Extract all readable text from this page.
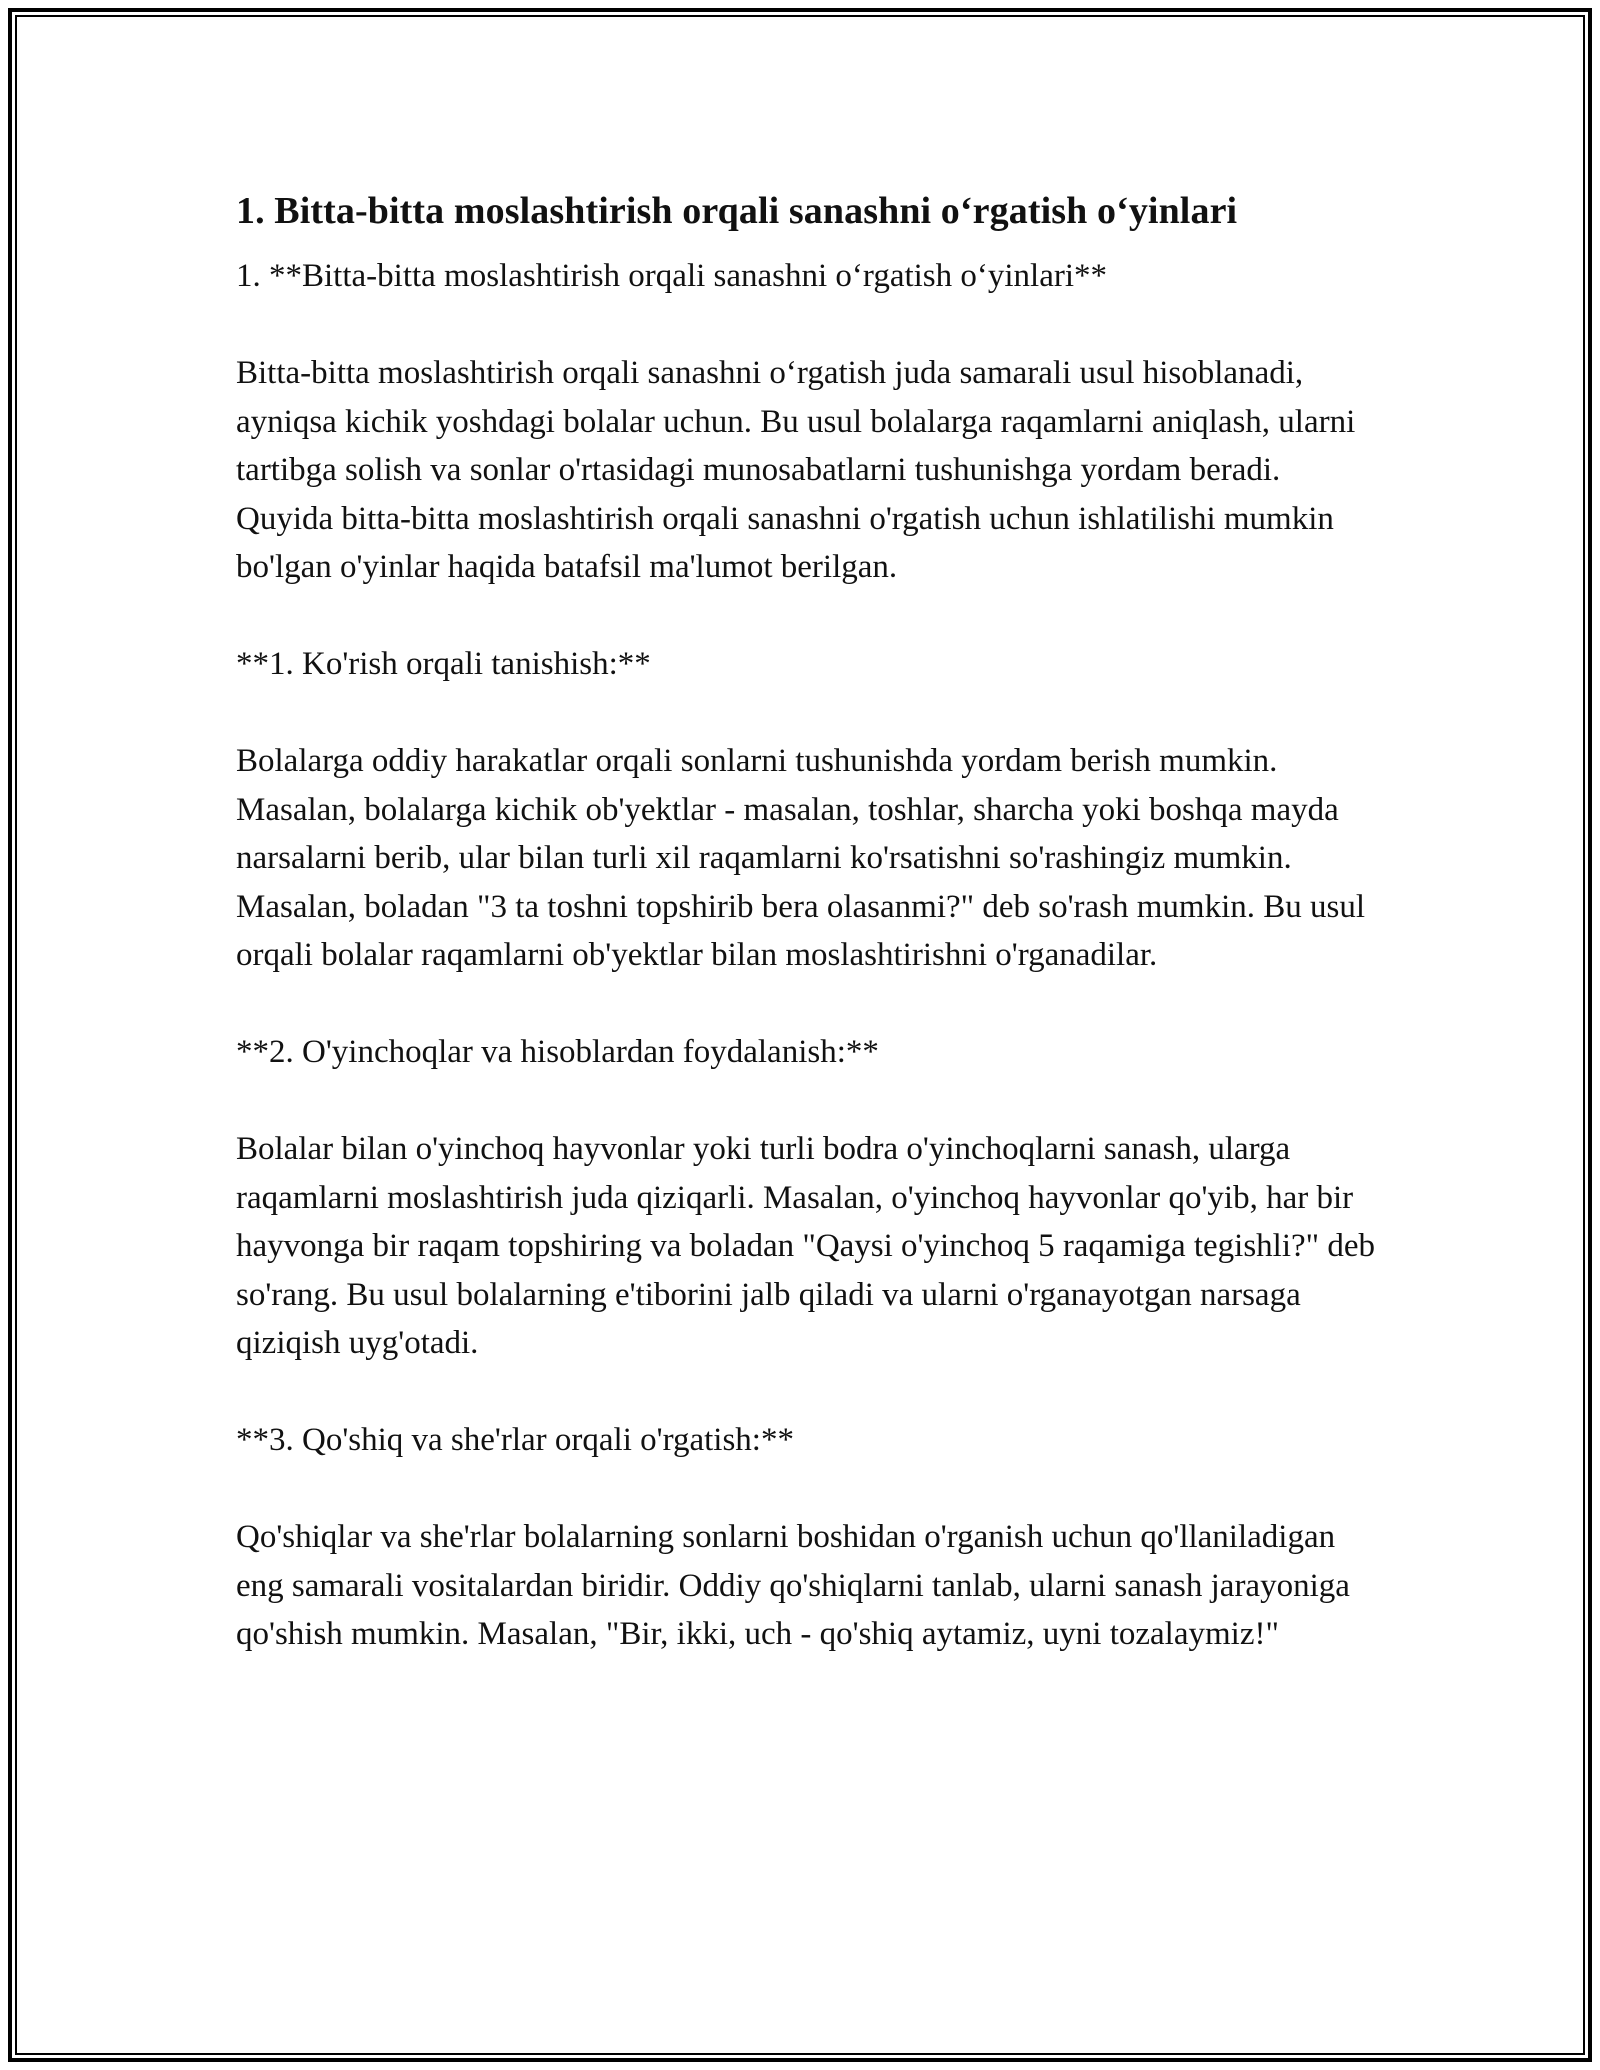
1. Bitta-bitta moslashtirish orqali sanashni o‘rgatish o‘yinlari

1. **Bitta-bitta moslashtirish orqali sanashni o‘rgatish o‘yinlari**

Bitta-bitta moslashtirish orqali sanashni o‘rgatish juda samarali usul hisoblanadi, ayniqsa kichik yoshdagi bolalar uchun. Bu usul bolalarga raqamlarni aniqlash, ularni tartibga solish va sonlar o'rtasidagi munosabatlarni tushunishga yordam beradi. Quyida bitta-bitta moslashtirish orqali sanashni o'rgatish uchun ishlatilishi mumkin bo'lgan o'yinlar haqida batafsil ma'lumot berilgan.

**1. Ko'rish orqali tanishish:**

Bolalarga oddiy harakatlar orqali sonlarni tushunishda yordam berish mumkin. Masalan, bolalarga kichik ob'yektlar - masalan, toshlar, sharcha yoki boshqa mayda narsalarni berib, ular bilan turli xil raqamlarni ko'rsatishni so'rashingiz mumkin. Masalan, boladan "3 ta toshni topshirib bera olasanmi?" deb so'rash mumkin. Bu usul orqali bolalar raqamlarni ob'yektlar bilan moslashtirishni o'rganadilar.

**2. O'yinchoqlar va hisoblardan foydalanish:**

Bolalar bilan o'yinchoq hayvonlar yoki turli bodra o'yinchoqlarni sanash, ularga raqamlarni moslashtirish juda qiziqarli. Masalan, o'yinchoq hayvonlar qo'yib, har bir hayvonga bir raqam topshiring va boladan "Qaysi o'yinchoq 5 raqamiga tegishli?" deb so'rang. Bu usul bolalarning e'tiborini jalb qiladi va ularni o'rganayotgan narsaga qiziqish uyg'otadi.

**3. Qo'shiq va she'rlar orqali o'rgatish:**

Qo'shiqlar va she'rlar bolalarning sonlarni boshidan o'rganish uchun qo'llaniladigan eng samarali vositalardan biridir. Oddiy qo'shiqlarni tanlab, ularni sanash jarayoniga qo'shish mumkin. Masalan, "Bir, ikki, uch - qo'shiq aytamiz, uyni tozalaymiz!"
